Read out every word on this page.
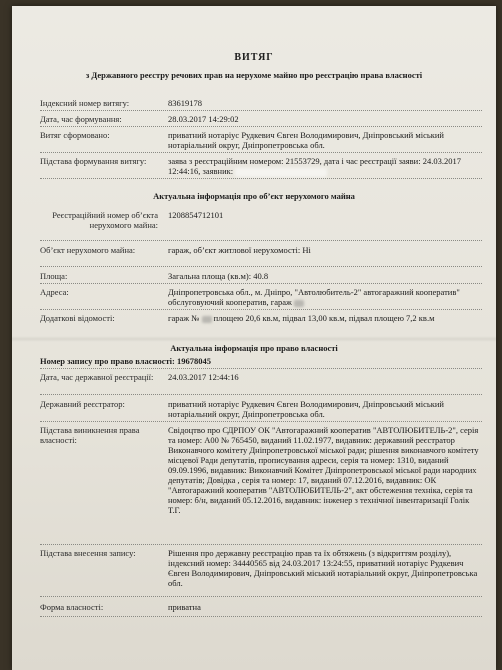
ВИТЯГ
з Державного реєстру речових прав на нерухоме майно про реєстрацію права власності
Індексний номер витягу:	83619178
Дата, час формування:	28.03.2017 14:29:02
Витяг сформовано:	приватний нотаріус Рудкевич Євген Володимирович, Дніпровський міський нотаріальний округ, Дніпропетровська обл.
Підстава формування витягу:	заява з реєстраційним номером: 21553729, дата і час реєстрації заяви: 24.03.2017 12:44:16, заявник:
Актуальна інформація про об’єкт нерухомого майна
Реєстраційний номер об’єкта нерухомого майна:
1208854712101
Об’єкт нерухомого майна:	гараж, об’єкт житлової нерухомості: Ні
Площа:	Загальна площа (кв.м): 40.8
Адреса:	Дніпропетровська обл., м. Дніпро, "Автолюбитель-2" автогаражний кооператив" обслуговуючий кооператив, гараж
Додаткові відомості:	гараж № площею 20,6 кв.м, підвал 13,00 кв.м, підвал площею 7,2 кв.м
Актуальна інформація про право власності
Номер запису про право власності: 19678045
Дата, час державної реєстрації:	24.03.2017 12:44:16
Державний реєстратор:	приватний нотаріус Рудкевич Євген Володимирович, Дніпровський міський нотаріальний округ, Дніпропетровська обл.
Підстава виникнення права власності:
Свідоцтво про СДРПОУ ОК "Автогаражний кооператив "АВТОЛЮБИТЕЛЬ-2", серія та номер: А00 № 765450, виданий 11.02.1977, видавник: державний реєстратор Виконавчого комітету Дніпропетровської міської ради; рішення виконавчого комітету місцевої Ради депутатів, прописування адреси, серія та номер: 1310, виданий 09.09.1996, видавник: Виконавчий Комітет Дніпропетровської міської ради народних депутатів; Довідка , серія та номер: 17, виданий 07.12.2016, видавник: ОК "Автогаражний кооператив "АВТОЛЮБИТЕЛЬ-2", акт обстеження техніка, серія та номер: б/н, виданий 05.12.2016, видавник: інженер з технічної інвентаризації Голік Т.Г.
Підстава внесення запису:	Рішення про державну реєстрацію прав та їх обтяжень (з відкриттям розділу), індексний номер: 34440565 від 24.03.2017 13:24:55, приватний нотаріус Рудкевич Євген Володимирович, Дніпровський міський нотаріальний округ, Дніпропетровська обл.
Форма власності:	приватна
